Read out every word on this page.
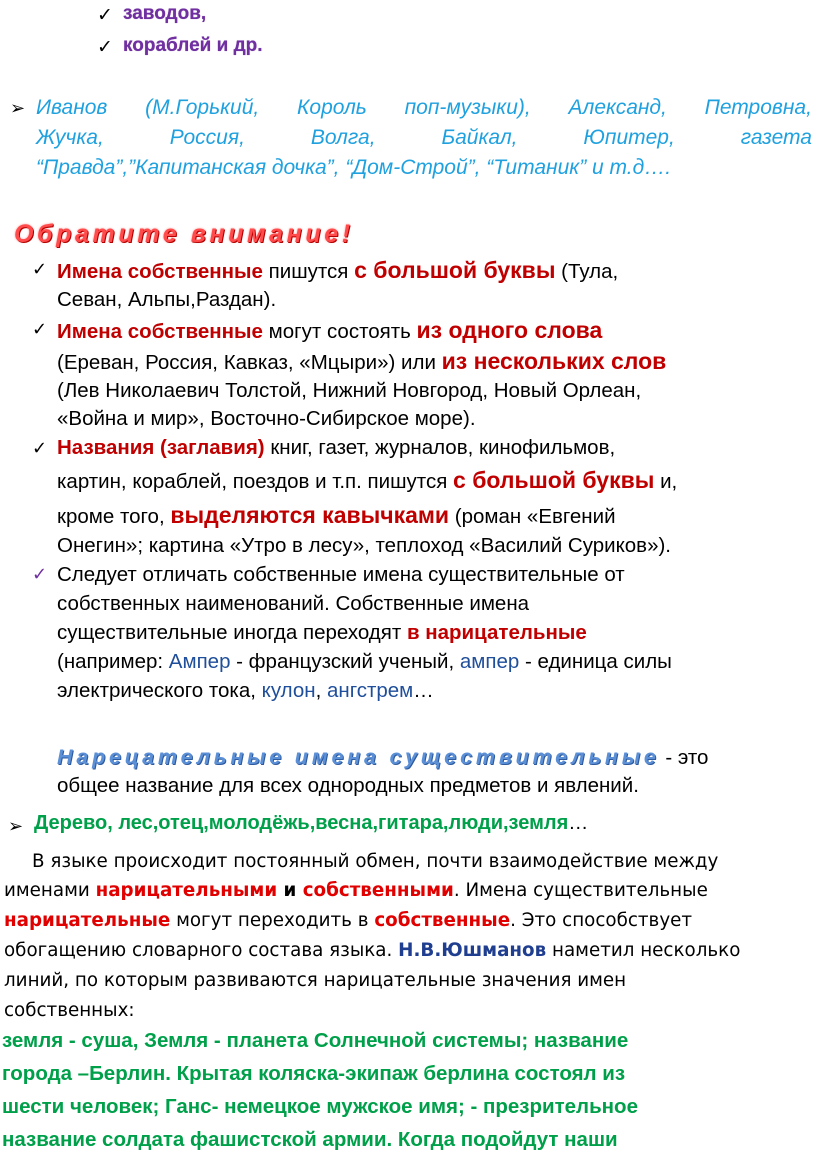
✓ заводов,
✓ кораблей и др.
➢ Иванов (М.Горький, Король поп-музыки), Александ, Петровна,
Жучка,	Россия,	Волга,	Байкал,	Юпитер,	газета
“Правда”,”Капитанская дочка”, “Дом-Строй”, “Титаник” и т.д….
Обратите внимание!
✓ Имена собственные пишутся с большой буквы (Тула,
Севан, Альпы,Раздан).
✓ Имена собственные могут состоять из одного слова
(Ереван, Россия, Кавказ, «Мцыри») или из нескольких слов
(Лев Николаевич Толстой, Нижний Новгород, Новый Орлеан,
«Война и мир», Восточно-Сибирское море).
✓ Названия (заглавия) книг, газет, журналов, кинофильмов,
картин, кораблей, поездов и т.п. пишутся с большой буквы и,
кроме того, выделяются кавычками (роман «Евгений
Онегин»; картина «Утро в лесу», теплоход «Василий Суриков»).
✓ Следует отличать собственные имена существительные от
собственных наименований. Собственные имена
существительные иногда переходят в нарицательные
(например: Ампер - французский ученый, ампер - единица силы
электрического тока, кулон, ангстрем…
Нарецательные имена существительные - это
общее название для всех однородных предметов и явлений.
➢ Дерево, лес,отец,молодёжь,весна,гитара,люди,земля…
В языке происходит постоянный обмен, почти взаимодействие между
именами нарицательными и собственными. Имена существительные
нарицательные могут переходить в собственные. Это способствует
обогащению словарного состава языка. Н.В.Юшманов наметил несколько
линий, по которым развиваются нарицательные значения имен
собственных:
земля - суша, Земля - планета Солнечной системы; название
города –Берлин. Крытая коляска-экипаж берлина состоял из
шести человек; Ганс- немецкое мужское имя; - презрительное
название солдата фашистской армии. Когда подойдут наши
